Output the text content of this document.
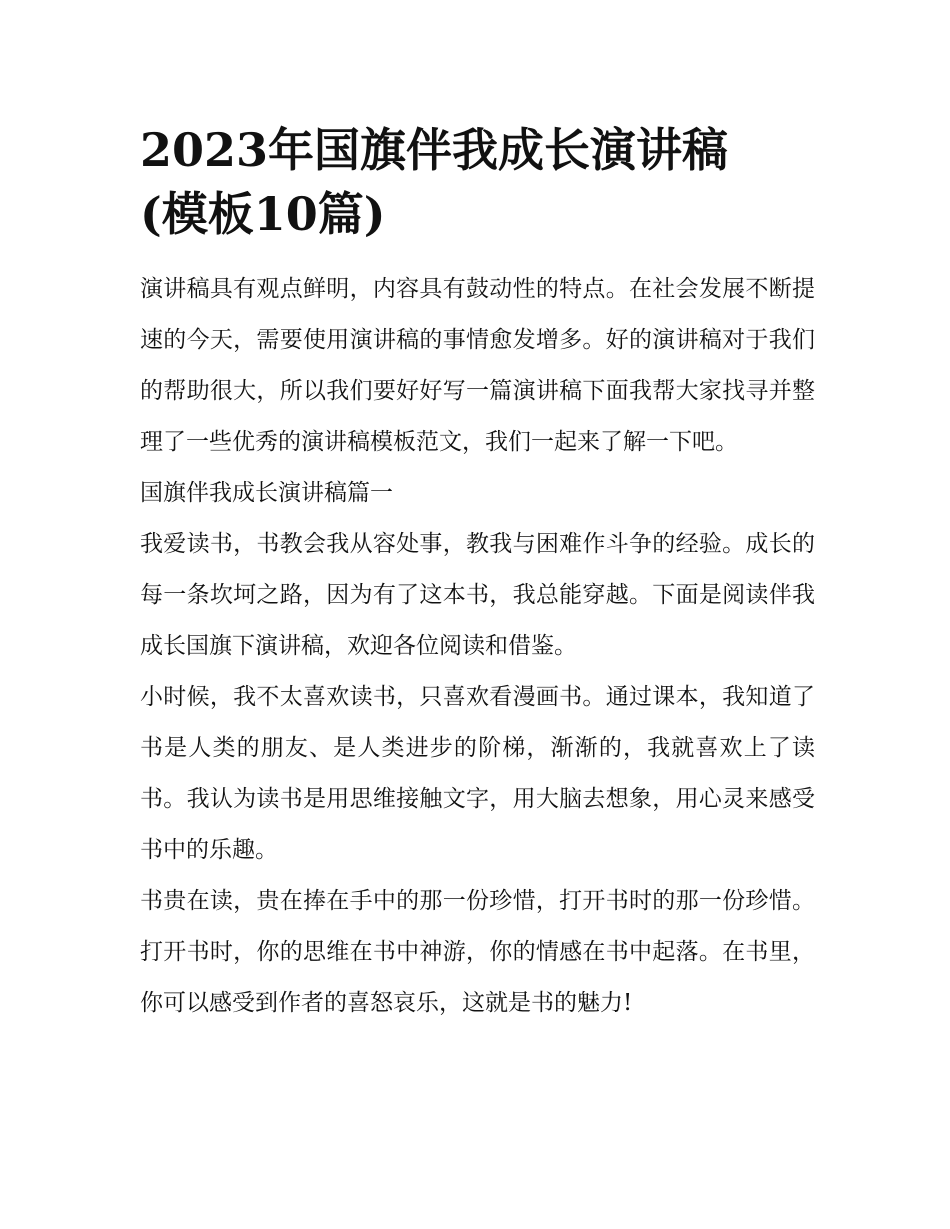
2023年国旗伴我成长演讲稿(模板10篇)

演讲稿具有观点鲜明，内容具有鼓动性的特点。在社会发展不断提速的今天，需要使用演讲稿的事情愈发增多。好的演讲稿对于我们的帮助很大，所以我们要好好写一篇演讲稿下面我帮大家找寻并整理了一些优秀的演讲稿模板范文，我们一起来了解一下吧。

国旗伴我成长演讲稿篇一

我爱读书，书教会我从容处事，教我与困难作斗争的经验。成长的每一条坎坷之路，因为有了这本书，我总能穿越。下面是阅读伴我成长国旗下演讲稿，欢迎各位阅读和借鉴。

小时候，我不太喜欢读书，只喜欢看漫画书。通过课本，我知道了书是人类的朋友、是人类进步的阶梯，渐渐的，我就喜欢上了读书。我认为读书是用思维接触文字，用大脑去想象，用心灵来感受书中的乐趣。

书贵在读，贵在捧在手中的那一份珍惜，打开书时的那一份珍惜。打开书时，你的思维在书中神游，你的情感在书中起落。在书里，你可以感受到作者的喜怒哀乐，这就是书的魅力!
